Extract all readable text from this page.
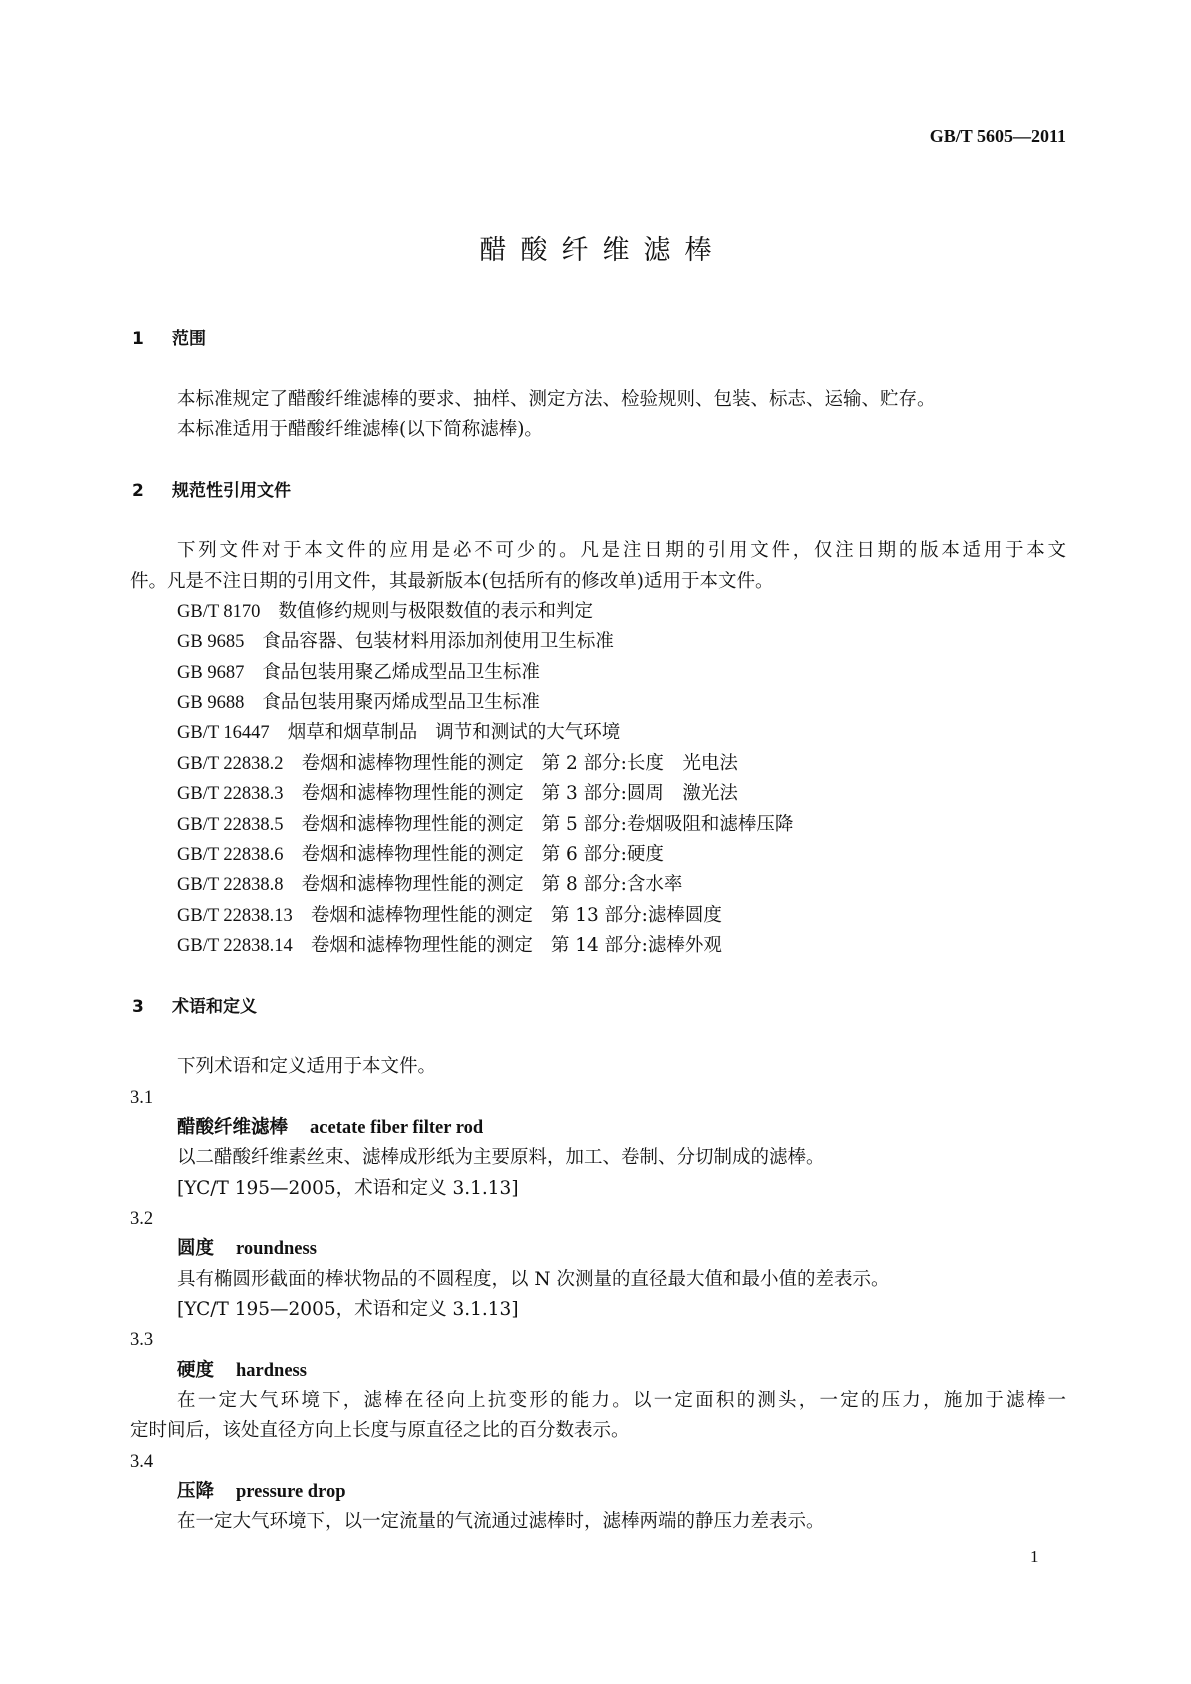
GB/T 5605—2011
醋酸纤维滤棒
1 范围
本标准规定了醋酸纤维滤棒的要求、抽样、测定方法、检验规则、包装、标志、运输、贮存。
本标准适用于醋酸纤维滤棒(以下简称滤棒)。
2 规范性引用文件
下列文件对于本文件的应用是必不可少的。凡是注日期的引用文件，仅注日期的版本适用于本文
件。凡是不注日期的引用文件，其最新版本(包括所有的修改单)适用于本文件。
GB/T 8170 数值修约规则与极限数值的表示和判定
GB 9685 食品容器、包装材料用添加剂使用卫生标准
GB 9687 食品包装用聚乙烯成型品卫生标准
GB 9688 食品包装用聚丙烯成型品卫生标准
GB/T 16447 烟草和烟草制品 调节和测试的大气环境
GB/T 22838.2 卷烟和滤棒物理性能的测定 第 2 部分:长度　光电法
GB/T 22838.3 卷烟和滤棒物理性能的测定 第 3 部分:圆周　激光法
GB/T 22838.5 卷烟和滤棒物理性能的测定 第 5 部分:卷烟吸阻和滤棒压降
GB/T 22838.6 卷烟和滤棒物理性能的测定 第 6 部分:硬度
GB/T 22838.8 卷烟和滤棒物理性能的测定 第 8 部分:含水率
GB/T 22838.13 卷烟和滤棒物理性能的测定 第 13 部分:滤棒圆度
GB/T 22838.14 卷烟和滤棒物理性能的测定 第 14 部分:滤棒外观
3 术语和定义
下列术语和定义适用于本文件。
3.1
醋酸纤维滤棒 acetate fiber filter rod
以二醋酸纤维素丝束、滤棒成形纸为主要原料，加工、卷制、分切制成的滤棒。
[YC/T 195—2005，术语和定义 3.1.13]
3.2
圆度 roundness
具有椭圆形截面的棒状物品的不圆程度，以 N 次测量的直径最大值和最小值的差表示。
[YC/T 195—2005，术语和定义 3.1.13]
3.3
硬度 hardness
在一定大气环境下，滤棒在径向上抗变形的能力。以一定面积的测头，一定的压力，施加于滤棒一
定时间后，该处直径方向上长度与原直径之比的百分数表示。
3.4
压降 pressure drop
在一定大气环境下，以一定流量的气流通过滤棒时，滤棒两端的静压力差表示。
1
